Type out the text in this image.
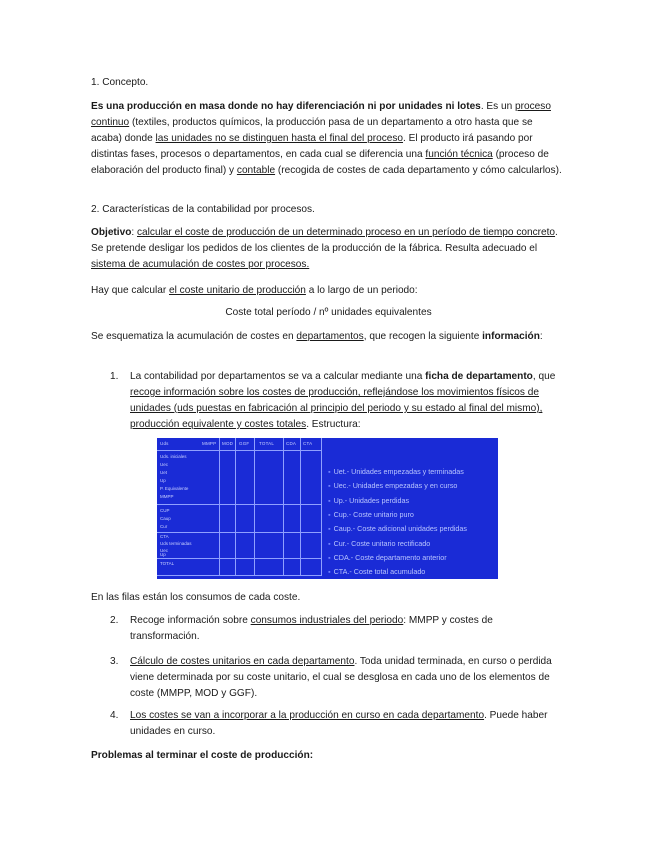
1. Concepto.

Es una producción en masa donde no hay diferenciación ni por unidades ni lotes. Es un proceso continuo (textiles, productos químicos, la producción pasa de un departamento a otro hasta que se acaba) donde las unidades no se distinguen hasta el final del proceso. El producto irá pasando por distintas fases, procesos o departamentos, en cada cual se diferencia una función técnica (proceso de elaboración del producto final) y contable (recogida de costes de cada departamento y cómo calcularlos).

2. Características de la contabilidad por procesos.

Objetivo: calcular el coste de producción de un determinado proceso en un período de tiempo concreto. Se pretende desligar los pedidos de los clientes de la producción de la fábrica. Resulta adecuado el sistema de acumulación de costes por procesos.

Hay que calcular el coste unitario de producción a lo largo de un periodo:

Coste total período / nº unidades equivalentes

Se esquematiza la acumulación de costes en departamentos, que recogen la siguiente información:

1. La contabilidad por departamentos se va a calcular mediante una ficha de departamento, que recoge información sobre los costes de producción, reflejándose los movimientos físicos de unidades (uds puestas en fabricación al principio del periodo y su estado al final del mismo), producción equivalente y costes totales. Estructura:

Uds	MMPP MOD GGF TOTAL	CDA CTA
Uds. iniciales
Uec
Uet
Up
P. Equivalente
MMPP
CUP
Caup
Cur
CTA
Uds terminadas
Uec
Up
TOTAL
▪ Uet.- Unidades empezadas y terminadas
▪ Uec.- Unidades empezadas y en curso
▪ Up.- Unidades perdidas
▪ Cup.- Coste unitario puro
▪ Caup.- Coste adicional unidades perdidas
▪ Cur.- Coste unitario rectificado
▪ CDA.- Coste departamento anterior
▪ CTA.- Coste total acumulado

En las filas están los consumos de cada coste.

2. Recoge información sobre consumos industriales del periodo: MMPP y costes de transformación.

3. Cálculo de costes unitarios en cada departamento. Toda unidad terminada, en curso o perdida viene determinada por su coste unitario, el cual se desglosa en cada uno de los elementos de coste (MMPP, MOD y GGF).

4. Los costes se van a incorporar a la producción en curso en cada departamento. Puede haber unidades en curso.

Problemas al terminar el coste de producción:
